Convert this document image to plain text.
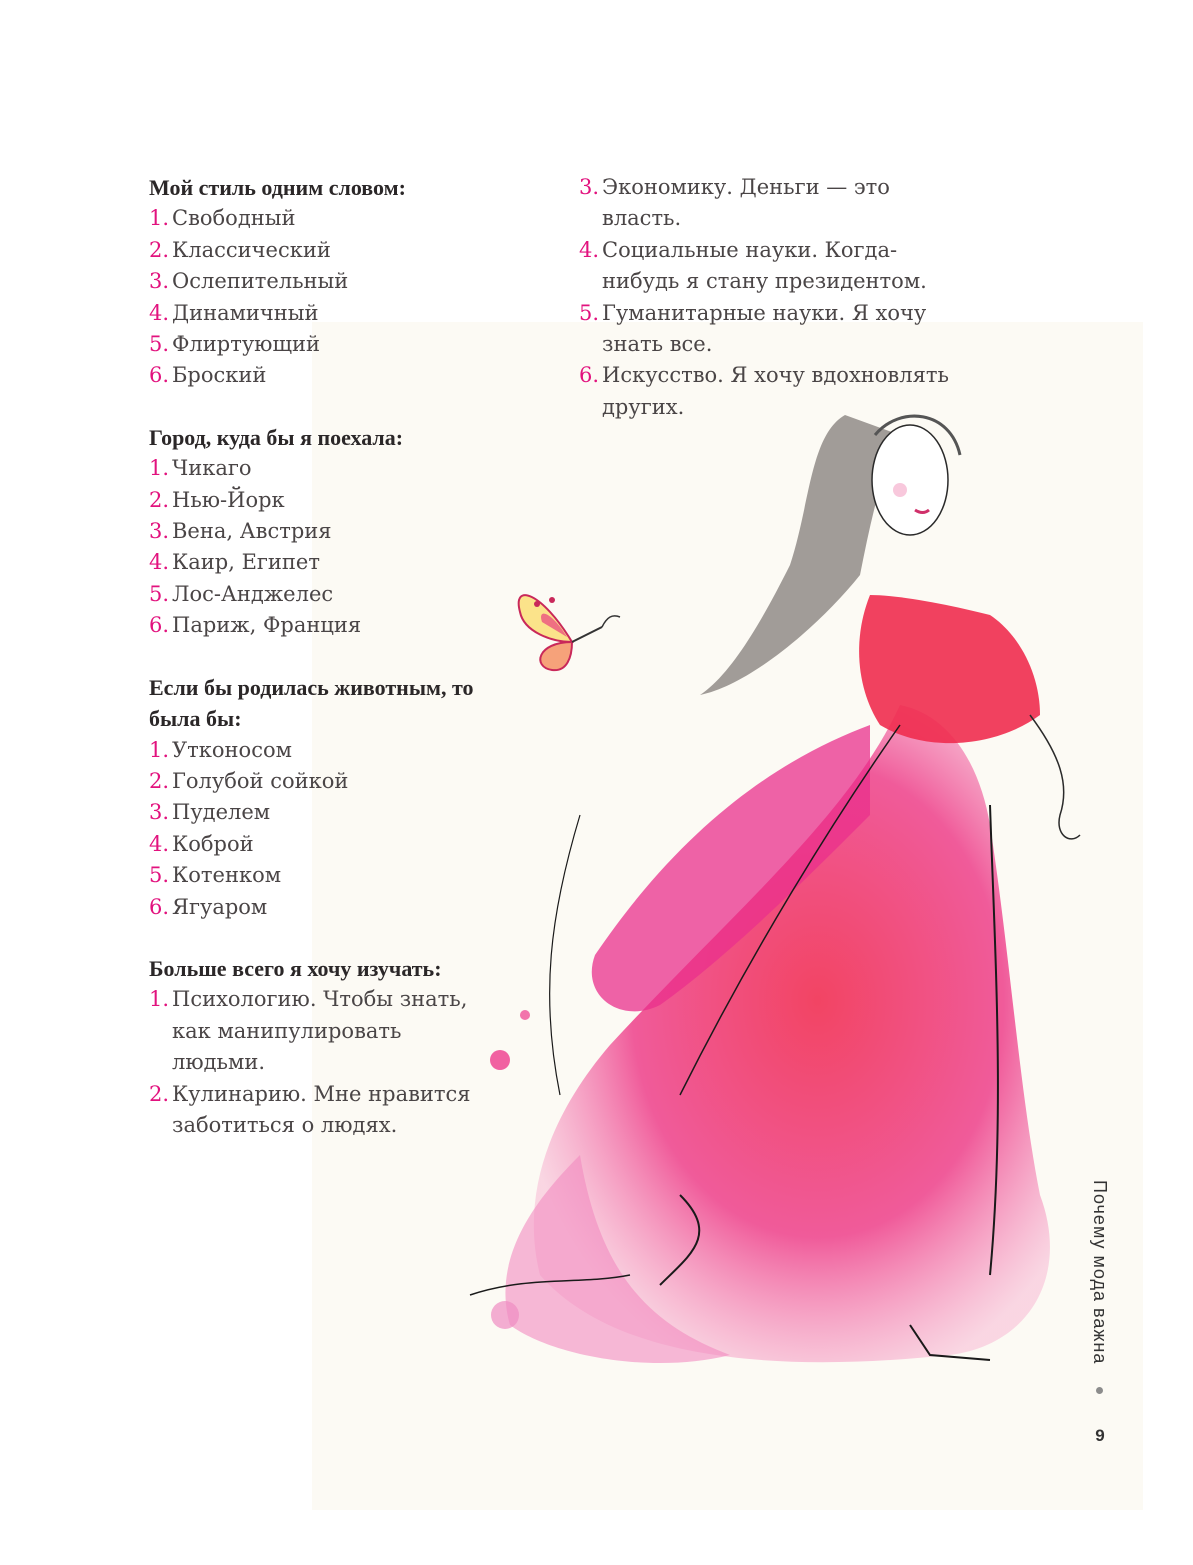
Мой стиль одним словом:
1. Свободный
2. Классический
3. Ослепительный
4. Динамичный
5. Флиртующий
6. Броский
Город, куда бы я поехала:
1. Чикаго
2. Нью-Йорк
3. Вена, Австрия
4. Каир, Египет
5. Лос-Анджелес
6. Париж, Франция
Если бы родилась животным, то была бы:
1. Утконосом
2. Голубой сойкой
3. Пуделем
4. Коброй
5. Котенком
6. Ягуаром
Больше всего я хочу изучать:
1. Психологию. Чтобы знать, как манипулировать людьми.
2. Кулинарию. Мне нравится заботиться о людях.
3. Экономику. Деньги — это власть.
4. Социальные науки. Когда-нибудь я стану президентом.
5. Гуманитарные науки. Я хочу знать все.
6. Искусство. Я хочу вдохновлять других.
Почему мода важна
9
